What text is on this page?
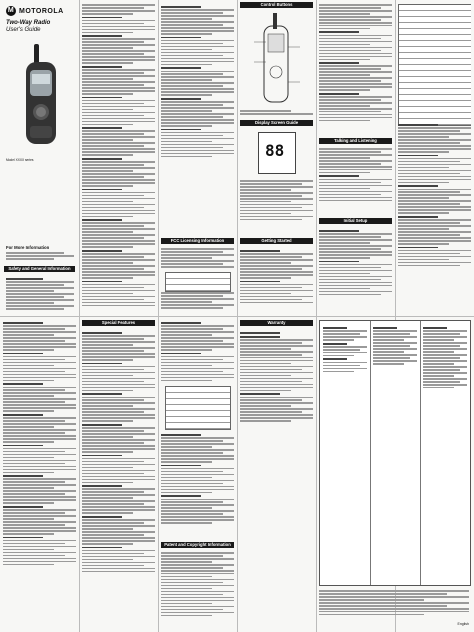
M MOTOROLA
Two-Way Radio
User's Guide
Model XXXX series
For More Information
Safety and General Information
FCC Licensing Information
Control Buttons
Display Screen Guide
88
Getting Started
Talking and Listening
Initial Setup
Special Features
Patent and Copyright Information
Warranty
English
